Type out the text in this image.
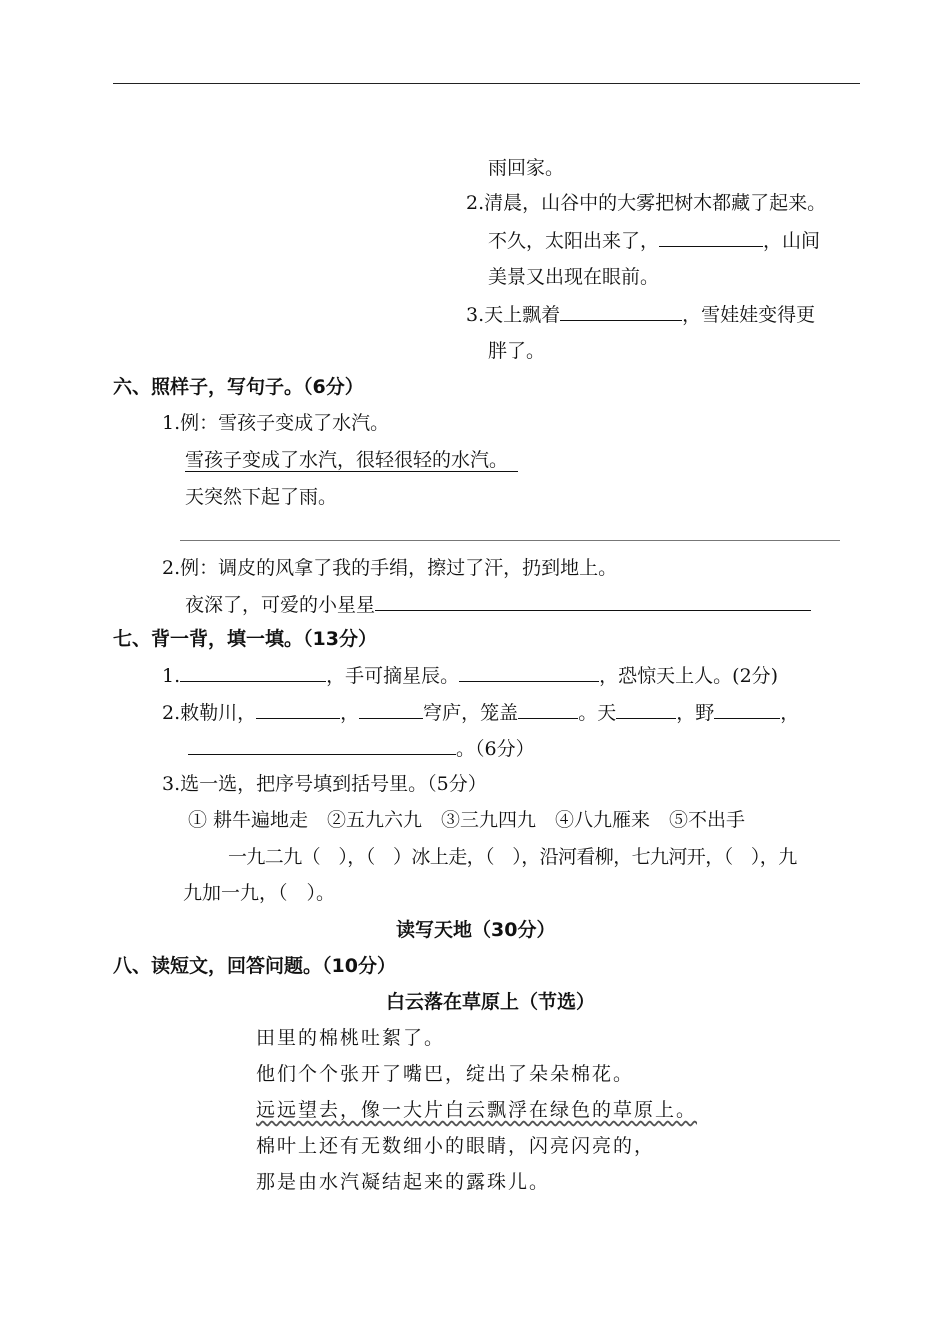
雨回家。
2.清晨，山谷中的大雾把树木都藏了起来。
不久，太阳出来了，	，山间
美景又出现在眼前。
3.天上飘着	，雪娃娃变得更
胖了。
六、照样子，写句子。（6分）
1.例：雪孩子变成了水汽。
雪孩子变成了水汽，很轻很轻的水汽。
天突然下起了雨。
2.例：调皮的风拿了我的手绢，擦过了汗，扔到地上。
夜深了，可爱的小星星
七、背一背，填一填。（13分）
1.	，手可摘星辰。	，恐惊天上人。(2分)
2.敕勒川，	，	穹庐，笼盖	。天	，野	，
。（6分）
3.选一选，把序号填到括号里。（5分）
① 耕牛遍地走　②五九六九　③三九四九　④八九雁来　⑤不出手
一九二九（　），（　）冰上走，（　），沿河看柳，七九河开，（　），九
九加一九，（　）。
读写天地（30分）
八、读短文，回答问题。（10分）
白云落在草原上（节选）
田里的棉桃吐絮了。
他们个个张开了嘴巴，绽出了朵朵棉花。
远远望去，像一大片白云飘浮在绿色的草原上。
棉叶上还有无数细小的眼睛，闪亮闪亮的，
那是由水汽凝结起来的露珠儿。
